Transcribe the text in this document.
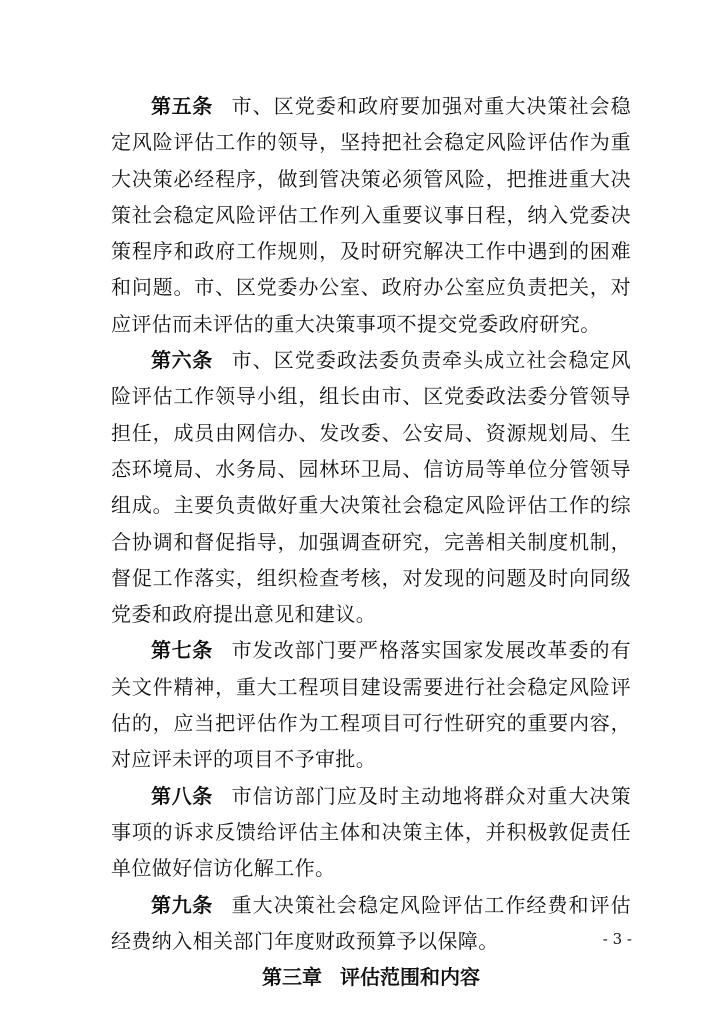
第五条 市、区党委和政府要加强对重大决策社会稳定风险评估工作的领导，坚持把社会稳定风险评估作为重大决策必经程序，做到管决策必须管风险，把推进重大决策社会稳定风险评估工作列入重要议事日程，纳入党委决策程序和政府工作规则，及时研究解决工作中遇到的困难和问题。市、区党委办公室、政府办公室应负责把关，对应评估而未评估的重大决策事项不提交党委政府研究。

第六条 市、区党委政法委负责牵头成立社会稳定风险评估工作领导小组，组长由市、区党委政法委分管领导担任，成员由网信办、发改委、公安局、资源规划局、生态环境局、水务局、园林环卫局、信访局等单位分管领导组成。主要负责做好重大决策社会稳定风险评估工作的综合协调和督促指导，加强调查研究，完善相关制度机制，督促工作落实，组织检查考核，对发现的问题及时向同级党委和政府提出意见和建议。

第七条 市发改部门要严格落实国家发展改革委的有关文件精神，重大工程项目建设需要进行社会稳定风险评估的，应当把评估作为工程项目可行性研究的重要内容，对应评未评的项目不予审批。

第八条 市信访部门应及时主动地将群众对重大决策事项的诉求反馈给评估主体和决策主体，并积极敦促责任单位做好信访化解工作。

第九条 重大决策社会稳定风险评估工作经费和评估经费纳入相关部门年度财政预算予以保障。

第三章 评估范围和内容

- 3 -
